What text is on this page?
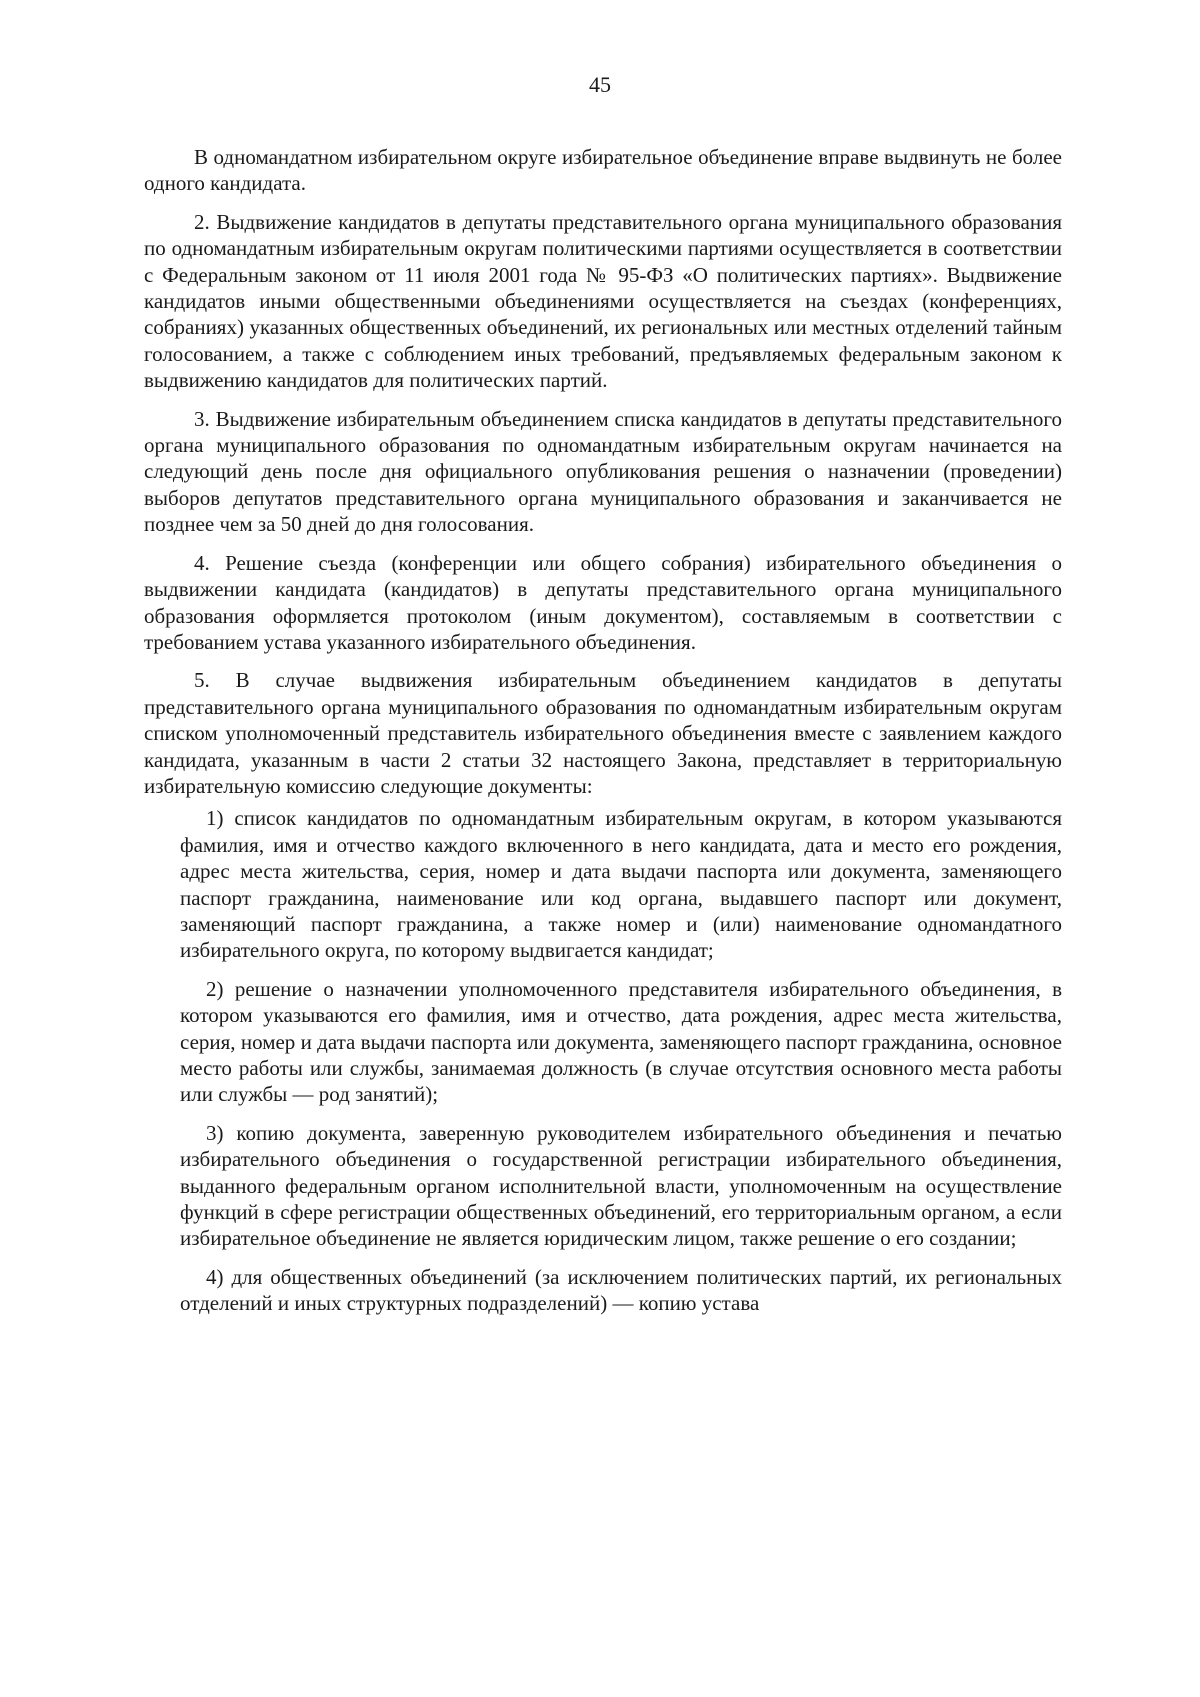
45

В одномандатном избирательном округе избирательное объединение вправе выдвинуть не более одного кандидата.

2. Выдвижение кандидатов в депутаты представительного органа муниципального образования по одномандатным избирательным округам политическими партиями осуществляется в соответствии с Федеральным законом от 11 июля 2001 года № 95-ФЗ «О политических партиях». Выдвижение кандидатов иными общественными объединениями осуществляется на съездах (конференциях, собраниях) указанных общественных объединений, их региональных или местных отделений тайным голосованием, а также с соблюдением иных требований, предъявляемых федеральным законом к выдвижению кандидатов для политических партий.

3. Выдвижение избирательным объединением списка кандидатов в депутаты представительного органа муниципального образования по одномандатным избирательным округам начинается на следующий день после дня официального опубликования решения о назначении (проведении) выборов депутатов представительного органа муниципального образования и заканчивается не позднее чем за 50 дней до дня голосования.

4. Решение съезда (конференции или общего собрания) избирательного объединения о выдвижении кандидата (кандидатов) в депутаты представительного органа муниципального образования оформляется протоколом (иным документом), составляемым в соответствии с требованием устава указанного избирательного объединения.

5. В случае выдвижения избирательным объединением кандидатов в депутаты представительного органа муниципального образования по одномандатным избирательным округам списком уполномоченный представитель избирательного объединения вместе с заявлением каждого кандидата, указанным в части 2 статьи 32 настоящего Закона, представляет в территориальную избирательную комиссию следующие документы:

1) список кандидатов по одномандатным избирательным округам, в котором указываются фамилия, имя и отчество каждого включенного в него кандидата, дата и место его рождения, адрес места жительства, серия, номер и дата выдачи паспорта или документа, заменяющего паспорт гражданина, наименование или код органа, выдавшего паспорт или документ, заменяющий паспорт гражданина, а также номер и (или) наименование одномандатного избирательного округа, по которому выдвигается кандидат;

2) решение о назначении уполномоченного представителя избирательного объединения, в котором указываются его фамилия, имя и отчество, дата рождения, адрес места жительства, серия, номер и дата выдачи паспорта или документа, заменяющего паспорт гражданина, основное место работы или службы, занимаемая должность (в случае отсутствия основного места работы или службы — род занятий);

3) копию документа, заверенную руководителем избирательного объединения и печатью избирательного объединения о государственной регистрации избирательного объединения, выданного федеральным органом исполнительной власти, уполномоченным на осуществление функций в сфере регистрации общественных объединений, его территориальным органом, а если избирательное объединение не является юридическим лицом, также решение о его создании;

4) для общественных объединений (за исключением политических партий, их региональных отделений и иных структурных подразделений) — копию устава
